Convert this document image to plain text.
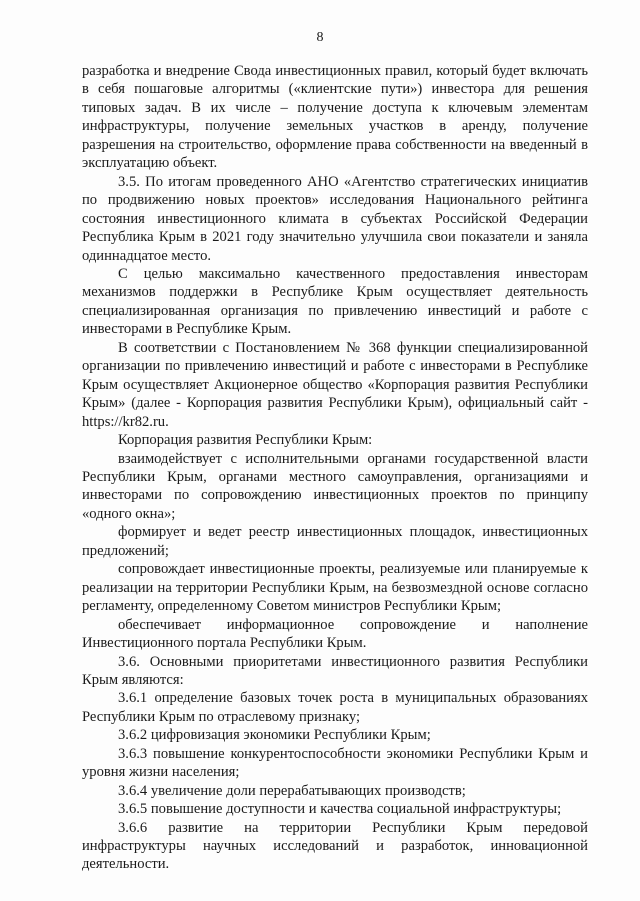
8

разработка и внедрение Свода инвестиционных правил, который будет включать в себя пошаговые алгоритмы («клиентские пути») инвестора для решения типовых задач. В их числе – получение доступа к ключевым элементам инфраструктуры, получение земельных участков в аренду, получение разрешения на строительство, оформление права собственности на введенный в эксплуатацию объект.

3.5. По итогам проведенного АНО «Агентство стратегических инициатив по продвижению новых проектов» исследования Национального рейтинга состояния инвестиционного климата в субъектах Российской Федерации Республика Крым в 2021 году значительно улучшила свои показатели и заняла одиннадцатое место.

С целью максимально качественного предоставления инвесторам механизмов поддержки в Республике Крым осуществляет деятельность специализированная организация по привлечению инвестиций и работе с инвесторами в Республике Крым.

В соответствии с Постановлением № 368 функции специализированной организации по привлечению инвестиций и работе с инвесторами в Республике Крым осуществляет Акционерное общество «Корпорация развития Республики Крым» (далее - Корпорация развития Республики Крым), официальный сайт - https://kr82.ru.

Корпорация развития Республики Крым:

взаимодействует с исполнительными органами государственной власти Республики Крым, органами местного самоуправления, организациями и инвесторами по сопровождению инвестиционных проектов по принципу «одного окна»;

формирует и ведет реестр инвестиционных площадок, инвестиционных предложений;

сопровождает инвестиционные проекты, реализуемые или планируемые к реализации на территории Республики Крым, на безвозмездной основе согласно регламенту, определенному Советом министров Республики Крым;

обеспечивает информационное сопровождение и наполнение Инвестиционного портала Республики Крым.

3.6. Основными приоритетами инвестиционного развития Республики Крым являются:

3.6.1 определение базовых точек роста в муниципальных образованиях Республики Крым по отраслевому признаку;

3.6.2 цифровизация экономики Республики Крым;

3.6.3 повышение конкурентоспособности экономики Республики Крым и уровня жизни населения;

3.6.4 увеличение доли перерабатывающих производств;

3.6.5 повышение доступности и качества социальной инфраструктуры;

3.6.6 развитие на территории Республики Крым передовой инфраструктуры научных исследований и разработок, инновационной деятельности.
